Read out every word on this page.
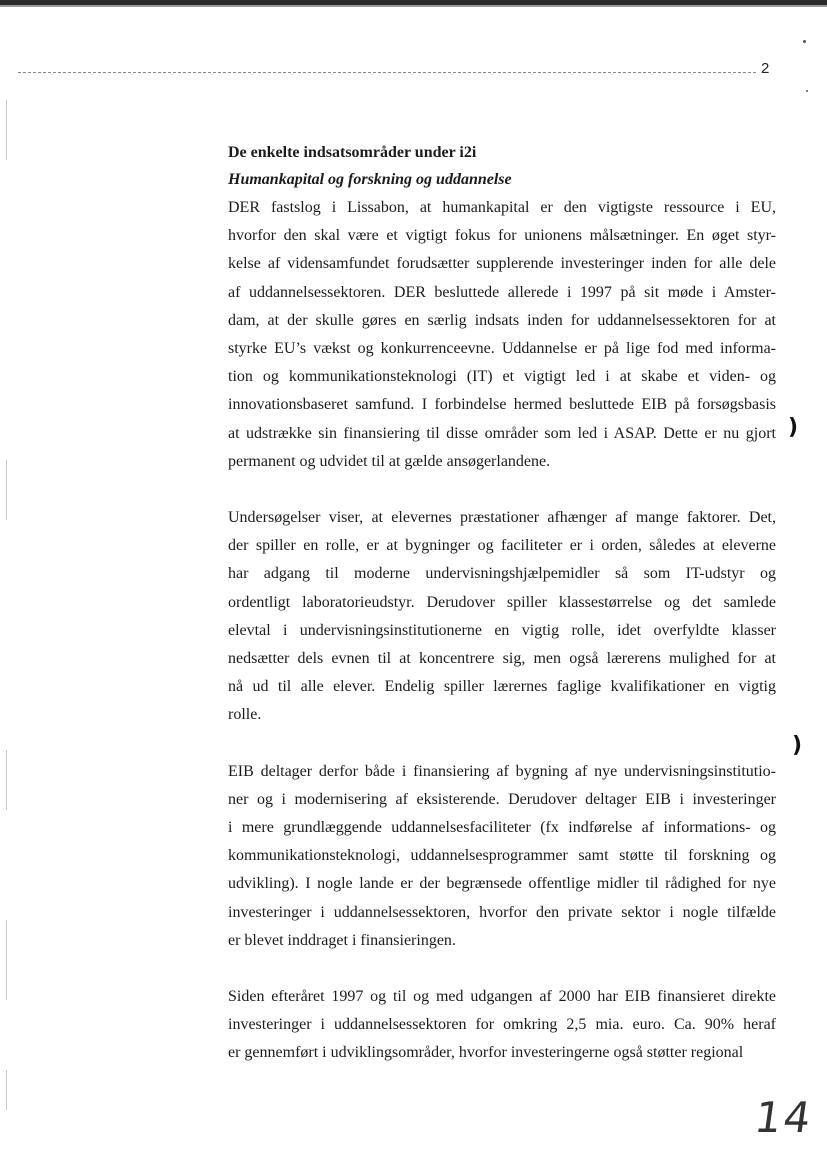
2
)
)

De enkelte indsatsområder under i2i

Humankapital og forskning og uddannelse

DER fastslog i Lissabon, at humankapital er den vigtigste ressource i EU,
hvorfor den skal være et vigtigt fokus for unionens målsætninger. En øget styr-
kelse af vidensamfundet forudsætter supplerende investeringer inden for alle dele
af uddannelsessektoren. DER besluttede allerede i 1997 på sit møde i Amster-
dam, at der skulle gøres en særlig indsats inden for uddannelsessektoren for at
styrke EU’s vækst og konkurrenceevne. Uddannelse er på lige fod med informa-
tion og kommunikationsteknologi (IT) et vigtigt led i at skabe et viden- og
innovationsbaseret samfund. I forbindelse hermed besluttede EIB på forsøgsbasis
at udstrække sin finansiering til disse områder som led i ASAP. Dette er nu gjort
permanent og udvidet til at gælde ansøgerlandene.

Undersøgelser viser, at elevernes præstationer afhænger af mange faktorer. Det,
der spiller en rolle, er at bygninger og faciliteter er i orden, således at eleverne
har adgang til moderne undervisningshjælpemidler så som IT-udstyr og
ordentligt laboratorieudstyr. Derudover spiller klassestørrelse og det samlede
elevtal i undervisningsinstitutionerne en vigtig rolle, idet overfyldte klasser
nedsætter dels evnen til at koncentrere sig, men også lærerens mulighed for at
nå ud til alle elever. Endelig spiller lærernes faglige kvalifikationer en vigtig
rolle.

EIB deltager derfor både i finansiering af bygning af nye undervisningsinstitutio-
ner og i modernisering af eksisterende. Derudover deltager EIB i investeringer
i mere grundlæggende uddannelsesfaciliteter (fx indførelse af informations- og
kommunikationsteknologi, uddannelsesprogrammer samt støtte til forskning og
udvikling). I nogle lande er der begrænsede offentlige midler til rådighed for nye
investeringer i uddannelsessektoren, hvorfor den private sektor i nogle tilfælde
er blevet inddraget i finansieringen.

Siden efteråret 1997 og til og med udgangen af 2000 har EIB finansieret direkte
investeringer i uddannelsessektoren for omkring 2,5 mia. euro. Ca. 90% heraf
er gennemført i udviklingsområder, hvorfor investeringerne også støtter regional

14
